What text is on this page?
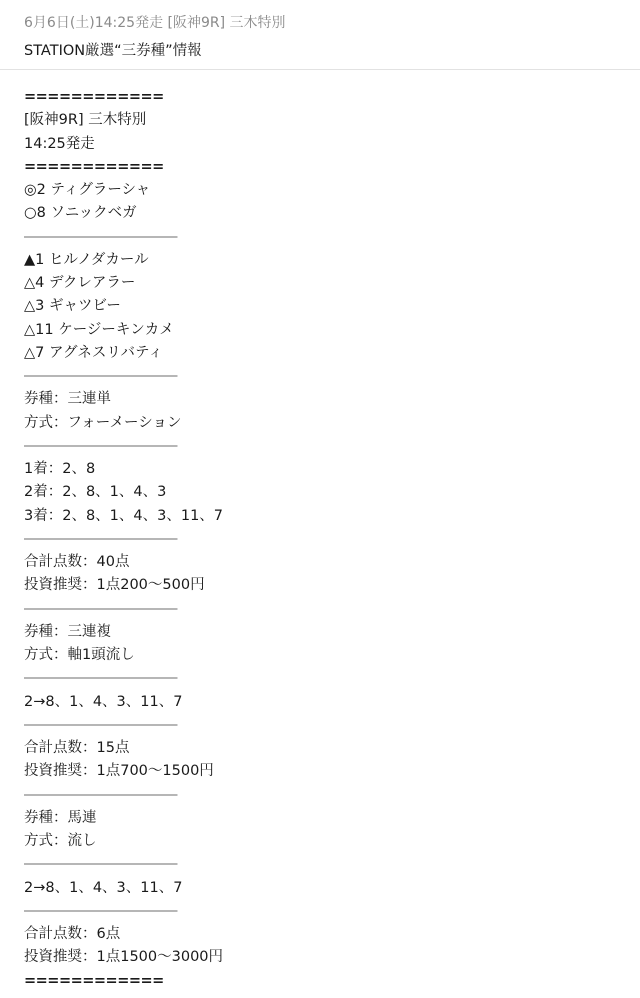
6月6日(土)14:25発走 [阪神9R] 三木特別
STATION厳選“三券種”情報
============
[阪神9R] 三木特別
14:25発走
============
◎2 ティグラーシャ
○8 ソニックベガ
―――――――――――
▲1 ヒルノダカール
△4 デクレアラー
△3 ギャツビー
△11 ケージーキンカメ
△7 アグネスリバティ
―――――――――――
券種：三連単
方式：フォーメーション
―――――――――――
1着：2、8
2着：2、8、1、4、3
3着：2、8、1、4、3、11、7
―――――――――――
合計点数：40点
投資推奨：1点200〜500円
―――――――――――
券種：三連複
方式：軸1頭流し
―――――――――――
2→8、1、4、3、11、7
―――――――――――
合計点数：15点
投資推奨：1点700〜1500円
―――――――――――
券種：馬連
方式：流し
―――――――――――
2→8、1、4、3、11、7
―――――――――――
合計点数：6点
投資推奨：1点1500〜3000円
============
